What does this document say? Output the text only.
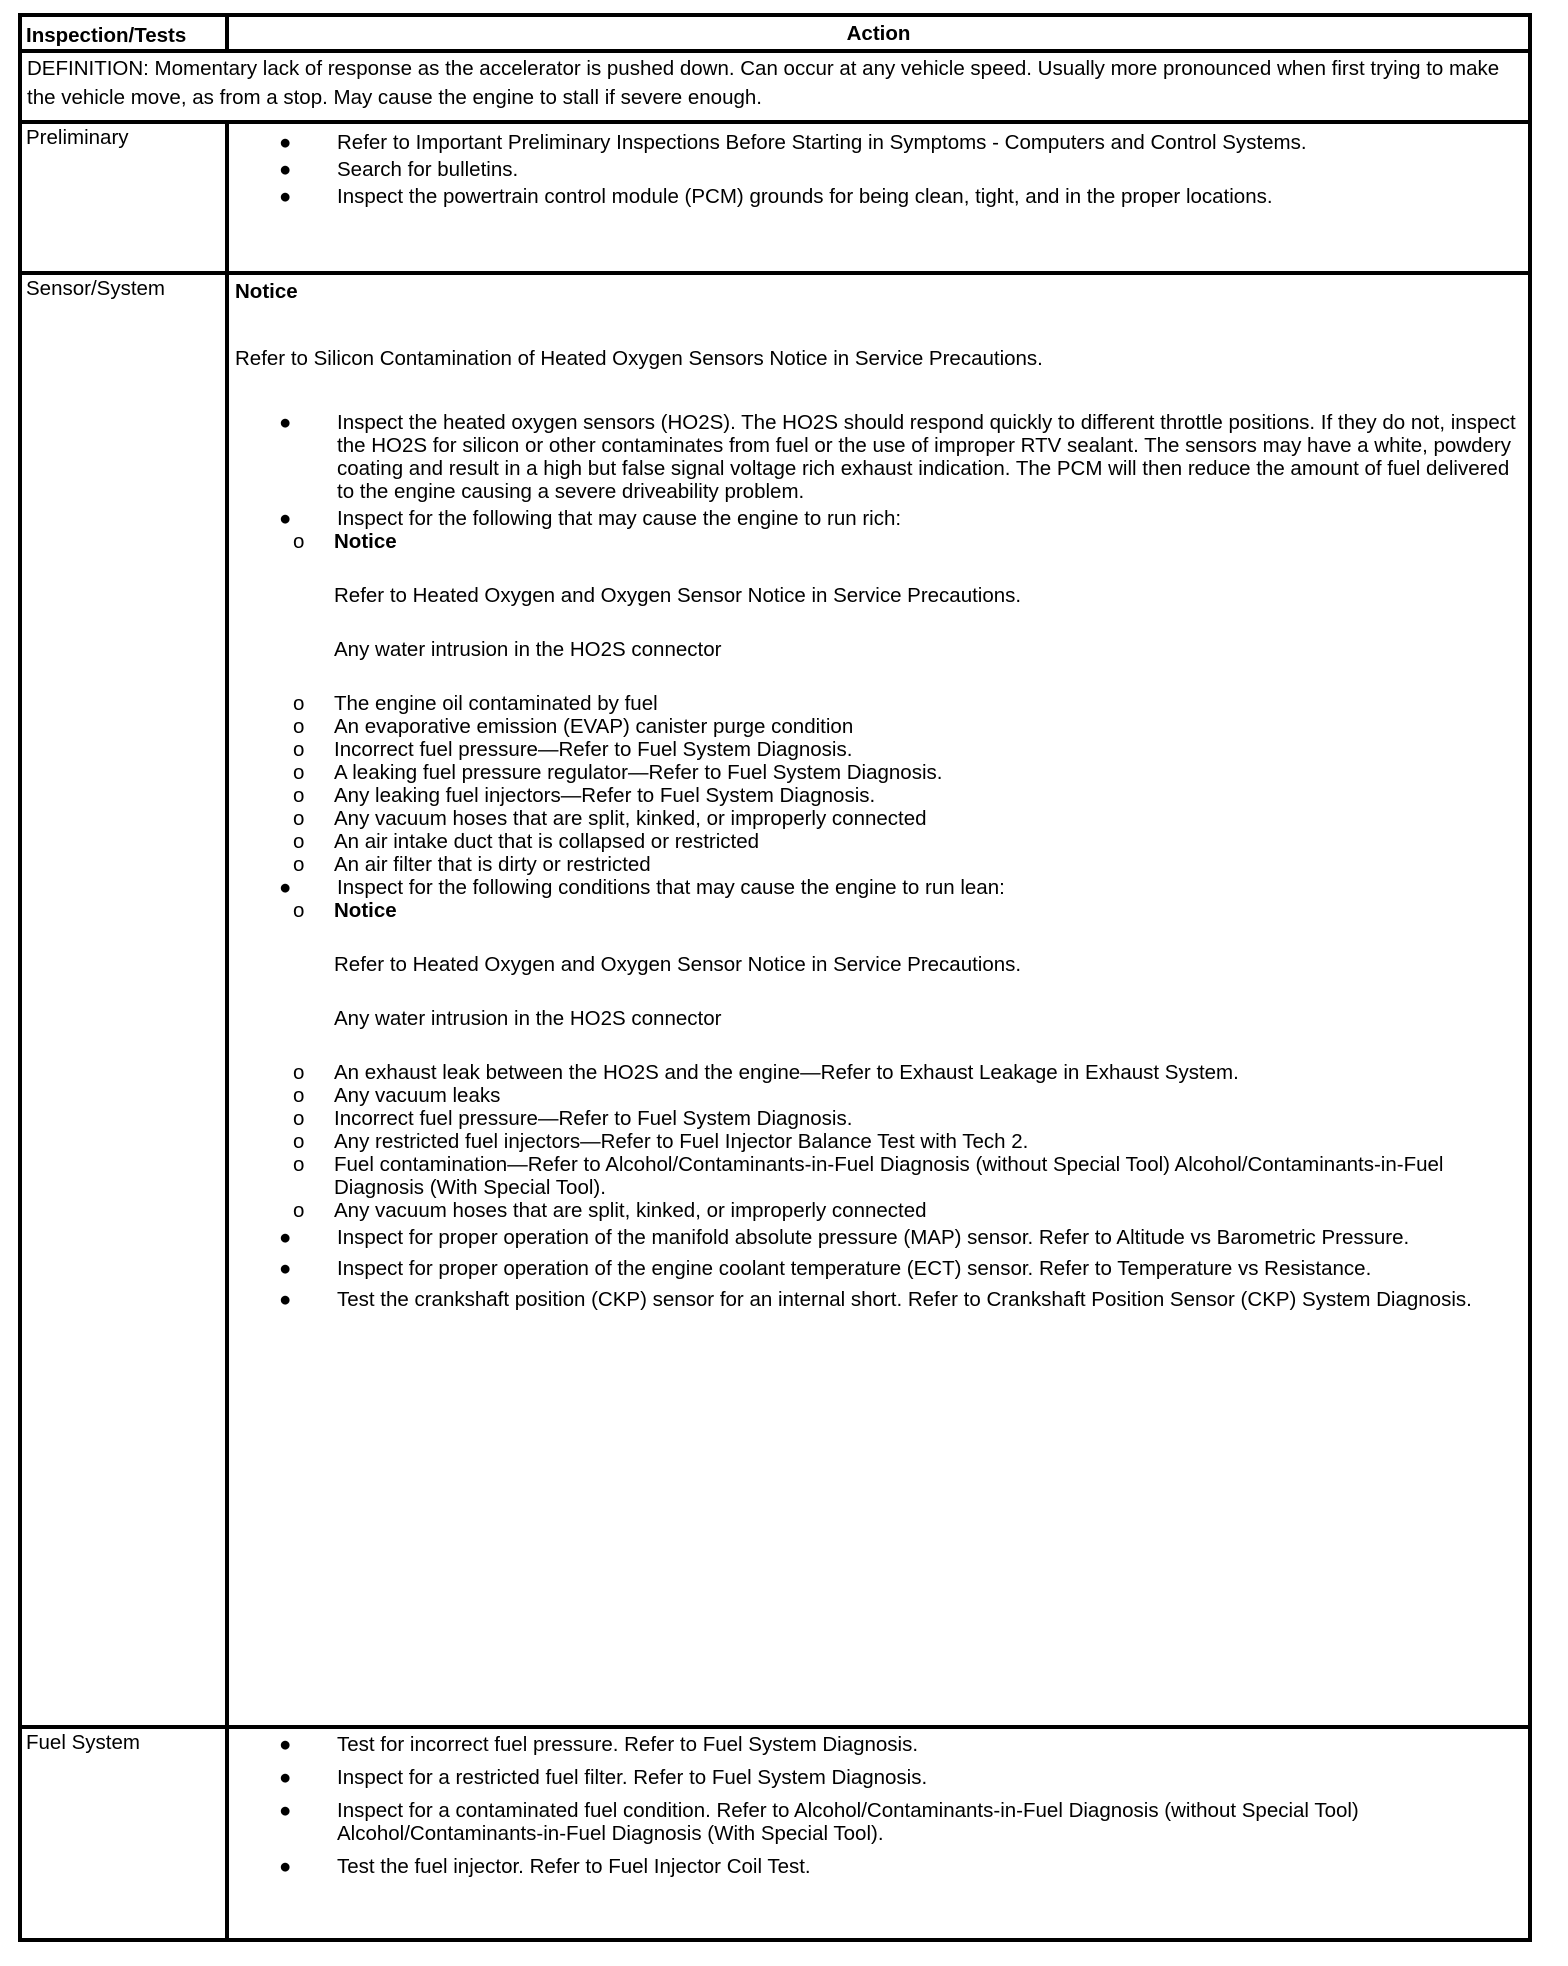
Inspection/Tests	Action
DEFINITION: Momentary lack of response as the accelerator is pushed down. Can occur at any vehicle speed. Usually more pronounced when first trying to make the vehicle move, as from a stop. May cause the engine to stall if severe enough.
Preliminary	● Refer to Important Preliminary Inspections Before Starting in Symptoms - Computers and Control Systems.
● Search for bulletins.
● Inspect the powertrain control module (PCM) grounds for being clean, tight, and in the proper locations.
Sensor/System	Notice
Refer to Silicon Contamination of Heated Oxygen Sensors Notice in Service Precautions.
● Inspect the heated oxygen sensors (HO2S). The HO2S should respond quickly to different throttle positions. If they do not, inspect the HO2S for silicon or other contaminates from fuel or the use of improper RTV sealant. The sensors may have a white, powdery coating and result in a high but false signal voltage rich exhaust indication. The PCM will then reduce the amount of fuel delivered to the engine causing a severe driveability problem.
● Inspect for the following that may cause the engine to run rich:
o Notice
Refer to Heated Oxygen and Oxygen Sensor Notice in Service Precautions.
Any water intrusion in the HO2S connector
o The engine oil contaminated by fuel
o An evaporative emission (EVAP) canister purge condition
o Incorrect fuel pressure—Refer to Fuel System Diagnosis.
o A leaking fuel pressure regulator—Refer to Fuel System Diagnosis.
o Any leaking fuel injectors—Refer to Fuel System Diagnosis.
o Any vacuum hoses that are split, kinked, or improperly connected
o An air intake duct that is collapsed or restricted
o An air filter that is dirty or restricted
● Inspect for the following conditions that may cause the engine to run lean:
o Notice
Refer to Heated Oxygen and Oxygen Sensor Notice in Service Precautions.
Any water intrusion in the HO2S connector
o An exhaust leak between the HO2S and the engine—Refer to Exhaust Leakage in Exhaust System.
o Any vacuum leaks
o Incorrect fuel pressure—Refer to Fuel System Diagnosis.
o Any restricted fuel injectors—Refer to Fuel Injector Balance Test with Tech 2.
o Fuel contamination—Refer to Alcohol/Contaminants-in-Fuel Diagnosis (without Special Tool) Alcohol/Contaminants-in-Fuel Diagnosis (With Special Tool).
o Any vacuum hoses that are split, kinked, or improperly connected
● Inspect for proper operation of the manifold absolute pressure (MAP) sensor. Refer to Altitude vs Barometric Pressure.
● Inspect for proper operation of the engine coolant temperature (ECT) sensor. Refer to Temperature vs Resistance.
● Test the crankshaft position (CKP) sensor for an internal short. Refer to Crankshaft Position Sensor (CKP) System Diagnosis.
Fuel System	● Test for incorrect fuel pressure. Refer to Fuel System Diagnosis.
● Inspect for a restricted fuel filter. Refer to Fuel System Diagnosis.
● Inspect for a contaminated fuel condition. Refer to Alcohol/Contaminants-in-Fuel Diagnosis (without Special Tool) Alcohol/Contaminants-in-Fuel Diagnosis (With Special Tool).
● Test the fuel injector. Refer to Fuel Injector Coil Test.
